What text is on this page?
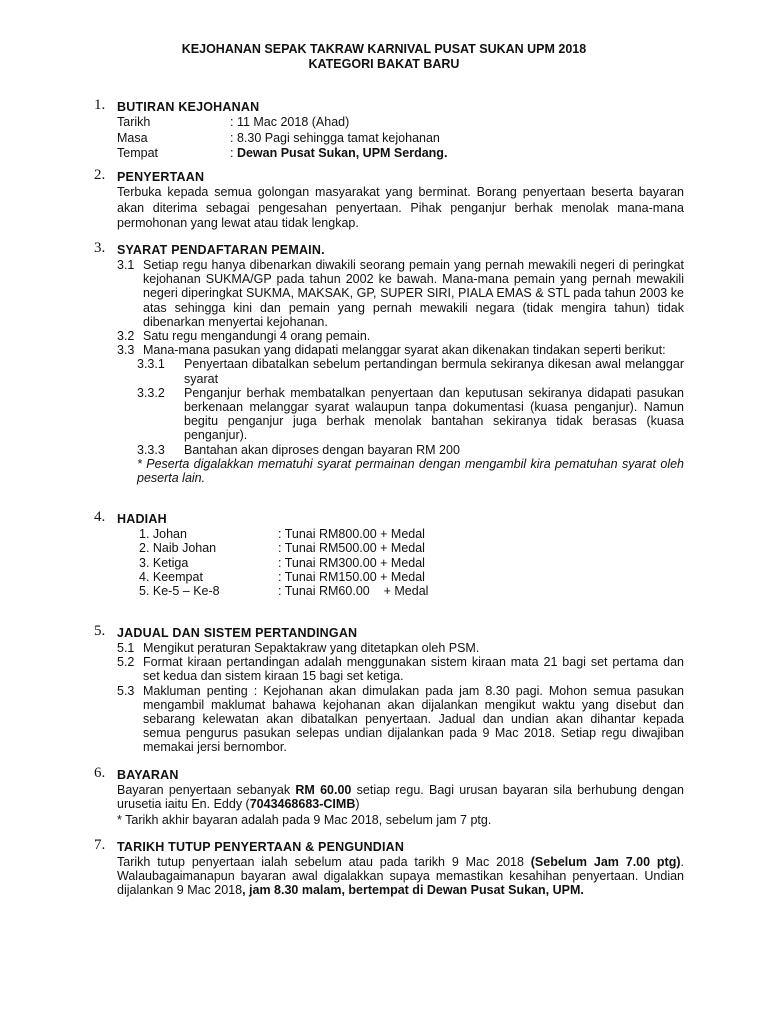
KEJOHANAN SEPAK TAKRAW KARNIVAL PUSAT SUKAN UPM 2018
KATEGORI BAKAT BARU
1. BUTIRAN KEJOHANAN
Tarikh	: 11 Mac 2018 (Ahad)
Masa	: 8.30 Pagi sehingga tamat kejohanan
Tempat	: Dewan Pusat Sukan, UPM Serdang.
2. PENYERTAAN
Terbuka kepada semua golongan masyarakat yang berminat. Borang penyertaan beserta bayaran akan diterima sebagai pengesahan penyertaan. Pihak penganjur berhak menolak mana-mana permohonan yang lewat atau tidak lengkap.
3. SYARAT PENDAFTARAN PEMAIN.
3.1 Setiap regu hanya dibenarkan diwakili seorang pemain yang pernah mewakili negeri di peringkat kejohanan SUKMA/GP pada tahun 2002 ke bawah. Mana-mana pemain yang pernah mewakili negeri diperingkat SUKMA, MAKSAK, GP, SUPER SIRI, PIALA EMAS & STL pada tahun 2003 ke atas sehingga kini dan pemain yang pernah mewakili negara (tidak mengira tahun) tidak dibenarkan menyertai kejohanan.
3.2 Satu regu mengandungi 4 orang pemain.
3.3 Mana-mana pasukan yang didapati melanggar syarat akan dikenakan tindakan seperti berikut:
3.3.1 Penyertaan dibatalkan sebelum pertandingan bermula sekiranya dikesan awal melanggar syarat
3.3.2 Penganjur berhak membatalkan penyertaan dan keputusan sekiranya didapati pasukan berkenaan melanggar syarat walaupun tanpa dokumentasi (kuasa penganjur). Namun begitu penganjur juga berhak menolak bantahan sekiranya tidak berasas (kuasa penganjur).
3.3.3 Bantahan akan diproses dengan bayaran RM 200
* Peserta digalakkan mematuhi syarat permainan dengan mengambil kira pematuhan syarat oleh peserta lain.
4. HADIAH
1. Johan	: Tunai RM800.00 + Medal
2. Naib Johan	: Tunai RM500.00 + Medal
3. Ketiga	: Tunai RM300.00 + Medal
4. Keempat	: Tunai RM150.00 + Medal
5. Ke-5 – Ke-8	: Tunai RM60.00    + Medal
5. JADUAL DAN SISTEM PERTANDINGAN
5.1 Mengikut peraturan Sepaktakraw yang ditetapkan oleh PSM.
5.2 Format kiraan pertandingan adalah menggunakan sistem kiraan mata 21 bagi set pertama dan set kedua dan sistem kiraan 15 bagi set ketiga.
5.3 Makluman penting : Kejohanan akan dimulakan pada jam 8.30 pagi. Mohon semua pasukan mengambil maklumat bahawa kejohanan akan dijalankan mengikut waktu yang disebut dan sebarang kelewatan akan dibatalkan penyertaan. Jadual dan undian akan dihantar kepada semua pengurus pasukan selepas undian dijalankan pada 9 Mac 2018. Setiap regu diwajiban memakai jersi bernombor.
6. BAYARAN
Bayaran penyertaan sebanyak RM 60.00 setiap regu. Bagi urusan bayaran sila berhubung dengan urusetia iaitu En. Eddy (7043468683-CIMB)
* Tarikh akhir bayaran adalah pada 9 Mac 2018, sebelum jam 7 ptg.
7. TARIKH TUTUP PENYERTAAN & PENGUNDIAN
Tarikh tutup penyertaan ialah sebelum atau pada tarikh 9 Mac 2018 (Sebelum Jam 7.00 ptg). Walaubagaimanapun bayaran awal digalakkan supaya memastikan kesahihan penyertaan. Undian dijalankan 9 Mac 2018, jam 8.30 malam, bertempat di Dewan Pusat Sukan, UPM.
